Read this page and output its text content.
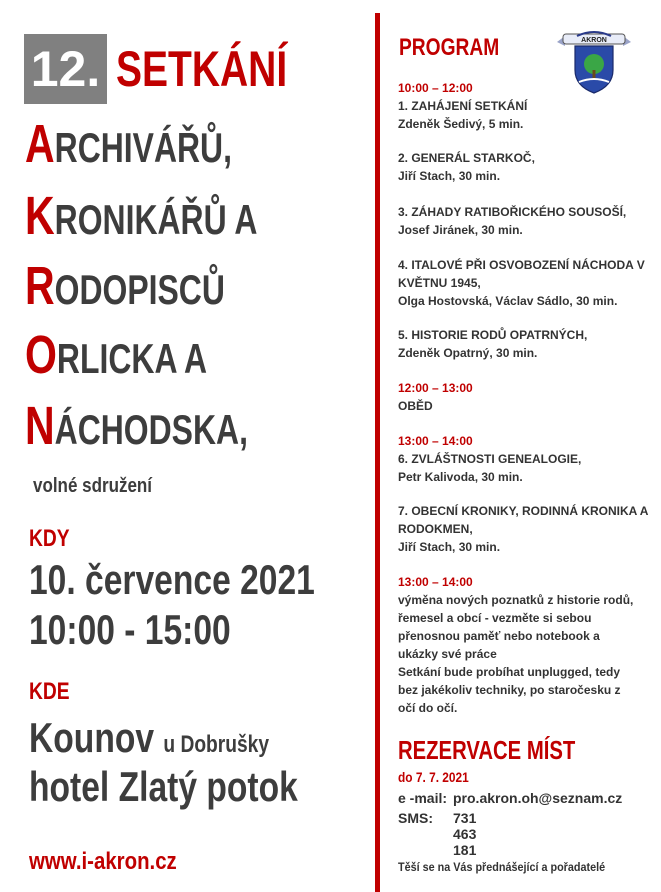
12. SETKÁNÍ
ARCHIVÁŘŮ,
KRONIKÁŘŮ A
RODOPISCŮ
ORLICKA A
NÁCHODSKA,
volné sdružení
KDY
10. července 2021
10:00 - 15:00
KDE
Kounov u Dobrušky
hotel Zlatý potok
www.i-akron.cz
PROGRAM	AKRON
10:00 – 12:00
1. ZAHÁJENÍ SETKÁNÍ
Zdeněk Šedivý, 5 min.
2. GENERÁL STARKOČ,
Jiří Stach, 30 min.
3. ZÁHADY RATIBOŘICKÉHO SOUSOŠÍ,
Josef Jiránek, 30 min.
4. ITALOVÉ PŘI OSVOBOZENÍ NÁCHODA V
KVĚTNU 1945,
Olga Hostovská, Václav Sádlo, 30 min.
5. HISTORIE RODŮ OPATRNÝCH,
Zdeněk Opatrný, 30 min.
12:00 – 13:00
OBĚD
13:00 – 14:00
6. ZVLÁŠTNOSTI GENEALOGIE,
Petr Kalivoda, 30 min.
7. OBECNÍ KRONIKY, RODINNÁ KRONIKA A
RODOKMEN,
Jiří Stach, 30 min.
13:00 – 14:00
výměna nových poznatků z historie rodů,
řemesel a obcí - vezměte si sebou
přenosnou paměť nebo notebook a
ukázky své práce
Setkání bude probíhat unplugged, tedy
bez jakékoliv techniky, po staročesku z
očí do očí.
REZERVACE MÍST
do 7. 7. 2021
e -mail: pro.akron.oh@seznam.cz
SMS: 731 463 181
Těší se na Vás přednášející a pořadatelé
